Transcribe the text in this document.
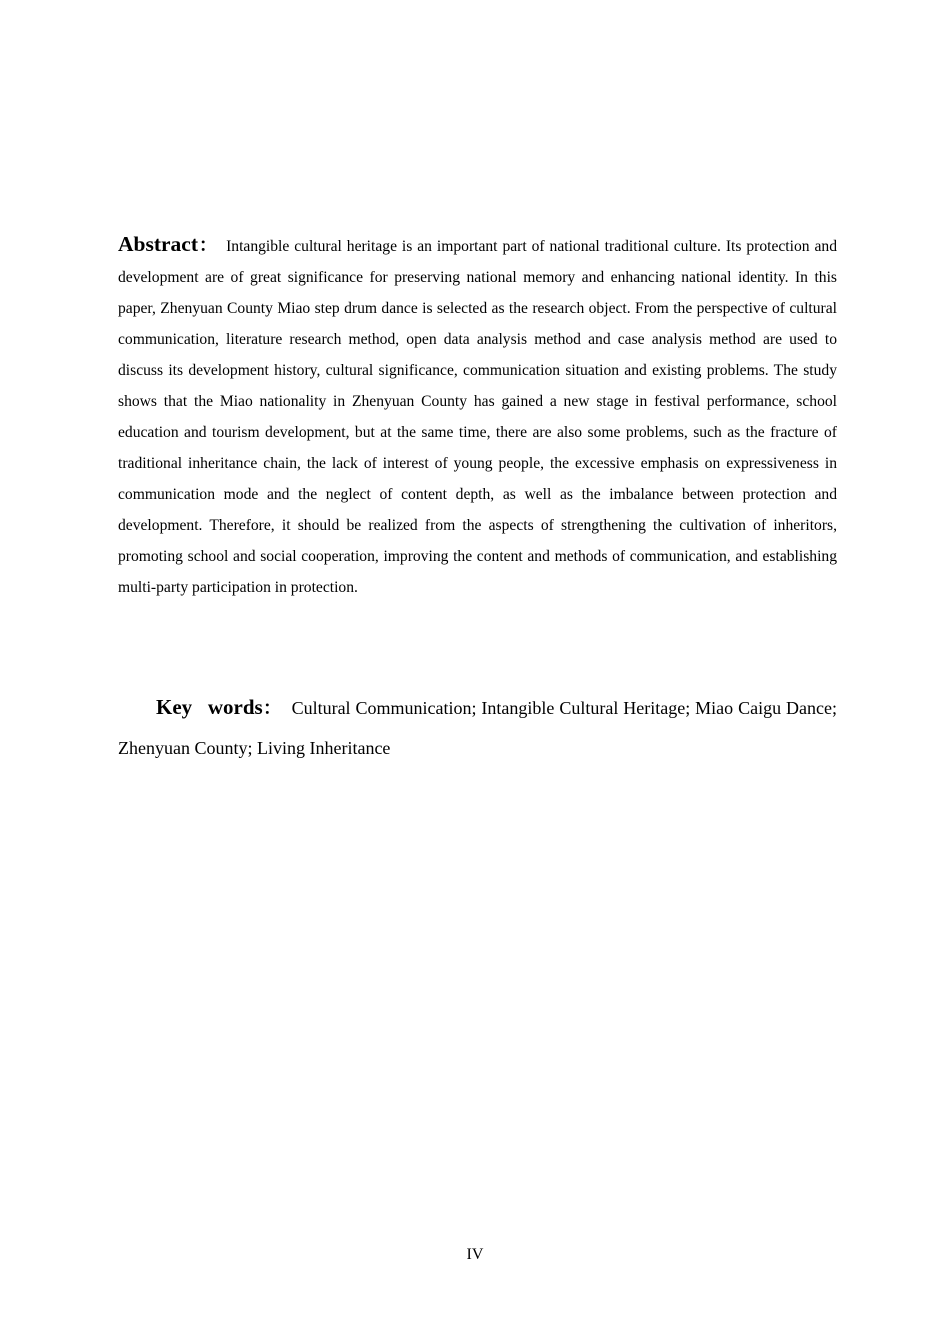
Abstract： Intangible cultural heritage is an important part of national traditional culture. Its protection and development are of great significance for preserving national memory and enhancing national identity. In this paper, Zhenyuan County Miao step drum dance is selected as the research object. From the perspective of cultural communication, literature research method, open data analysis method and case analysis method are used to discuss its development history, cultural significance, communication situation and existing problems. The study shows that the Miao nationality in Zhenyuan County has gained a new stage in festival performance, school education and tourism development, but at the same time, there are also some problems, such as the fracture of traditional inheritance chain, the lack of interest of young people, the excessive emphasis on expressiveness in communication mode and the neglect of content depth, as well as the imbalance between protection and development. Therefore, it should be realized from the aspects of strengthening the cultivation of inheritors, promoting school and social cooperation, improving the content and methods of communication, and establishing multi-party participation in protection.

Key words： Cultural Communication; Intangible Cultural Heritage; Miao Caigu Dance; Zhenyuan County; Living Inheritance

IV
